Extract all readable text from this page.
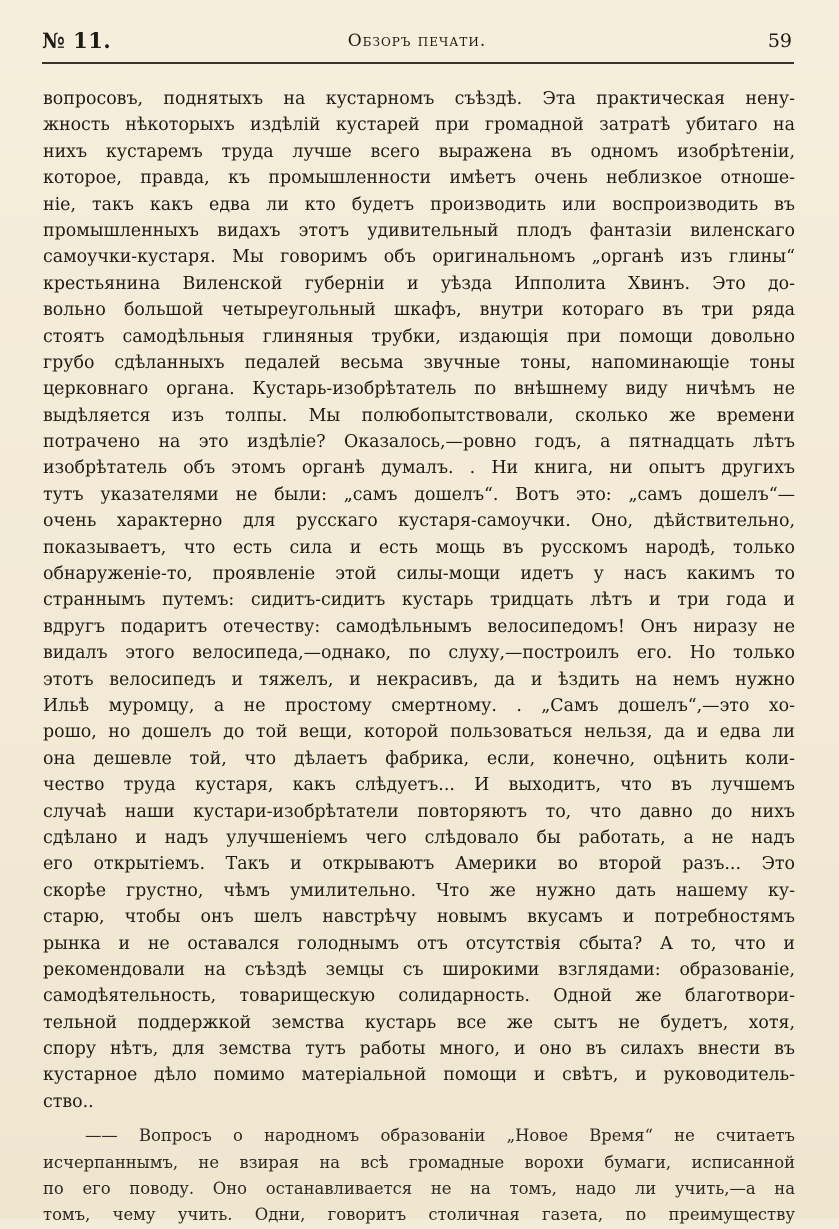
№ 11.	Обзоръ печати.	59
вопросовъ, поднятыхъ на кустарномъ съѣздѣ. Эта практическая нену-
жность нѣкоторыхъ издѣлій кустарей при громадной затратѣ убитаго на
нихъ кустаремъ труда лучше всего выражена въ одномъ изобрѣтеніи,
которое, правда, къ промышленности имѣетъ очень неблизкое отноше-
ніе, такъ какъ едва ли кто будетъ производить или воспроизводить въ
промышленныхъ видахъ этотъ удивительный плодъ фантазіи виленскаго
самоучки-кустаря. Мы говоримъ объ оригинальномъ „органѣ изъ глины“
крестьянина Виленской губерніи и уѣзда Ипполита Хвинъ. Это до-
вольно большой четыреугольный шкафъ, внутри котораго въ три ряда
стоятъ самодѣльныя глиняныя трубки, издающія при помощи довольно
грубо сдѣланныхъ педалей весьма звучные тоны, напоминающіе тоны
церковнаго органа. Кустарь-изобрѣтатель по внѣшнему виду ничѣмъ не
выдѣляется изъ толпы. Мы полюбопытствовали, сколько же времени
потрачено на это издѣліе? Оказалось,—ровно годъ, а пятнадцать лѣтъ
изобрѣтатель объ этомъ органѣ думалъ. . Ни книга, ни опытъ другихъ
тутъ указателями не были: „самъ дошелъ“. Вотъ это: „самъ дошелъ“—
очень характерно для русскаго кустаря-самоучки. Оно, дѣйствительно,
показываетъ, что есть сила и есть мощь въ русскомъ народѣ, только
обнаруженіе-то, проявленіе этой силы-мощи идетъ у насъ какимъ то
страннымъ путемъ: сидитъ-сидитъ кустарь тридцать лѣтъ и три года и
вдругъ подаритъ отечеству: самодѣльнымъ велосипедомъ! Онъ ниразу не
видалъ этого велосипеда,—однако, по слуху,—построилъ его. Но только
этотъ велосипедъ и тяжелъ, и некрасивъ, да и ѣздить на немъ нужно
Ильѣ муромцу, а не простому смертному. . „Самъ дошелъ“,—это хо-
рошо, но дошелъ до той вещи, которой пользоваться нельзя, да и едва ли
она дешевле той, что дѣлаетъ фабрика, если, конечно, оцѣнить коли-
чество труда кустаря, какъ слѣдуетъ... И выходитъ, что въ лучшемъ
случаѣ наши кустари-изобрѣтатели повторяютъ то, что давно до нихъ
сдѣлано и надъ улучшеніемъ чего слѣдовало бы работать, а не надъ
его открытіемъ. Такъ и открываютъ Америки во второй разъ... Это
скорѣе грустно, чѣмъ умилительно. Что же нужно дать нашему ку-
старю, чтобы онъ шелъ навстрѣчу новымъ вкусамъ и потребностямъ
рынка и не оставался голоднымъ отъ отсутствія сбыта? А то, что и
рекомендовали на съѣздѣ земцы съ широкими взглядами: образованіе,
самодѣятельность, товарищескую солидарность. Одной же благотвори-
тельной поддержкой земства кустарь все же сытъ не будетъ, хотя,
спору нѣтъ, для земства тутъ работы много, и оно въ силахъ внести въ
кустарное дѣло помимо матеріальной помощи и свѣтъ, и руководитель-
ство..
—— Вопросъ о народномъ образованіи „Новое Время“ не считаетъ
исчерпаннымъ, не взирая на всѣ громадные ворохи бумаги, исписанной
по его поводу. Оно останавливается не на томъ, надо ли учить,—а на
томъ, чему учить. Одни, говоритъ столичная газета, по преимуществу
